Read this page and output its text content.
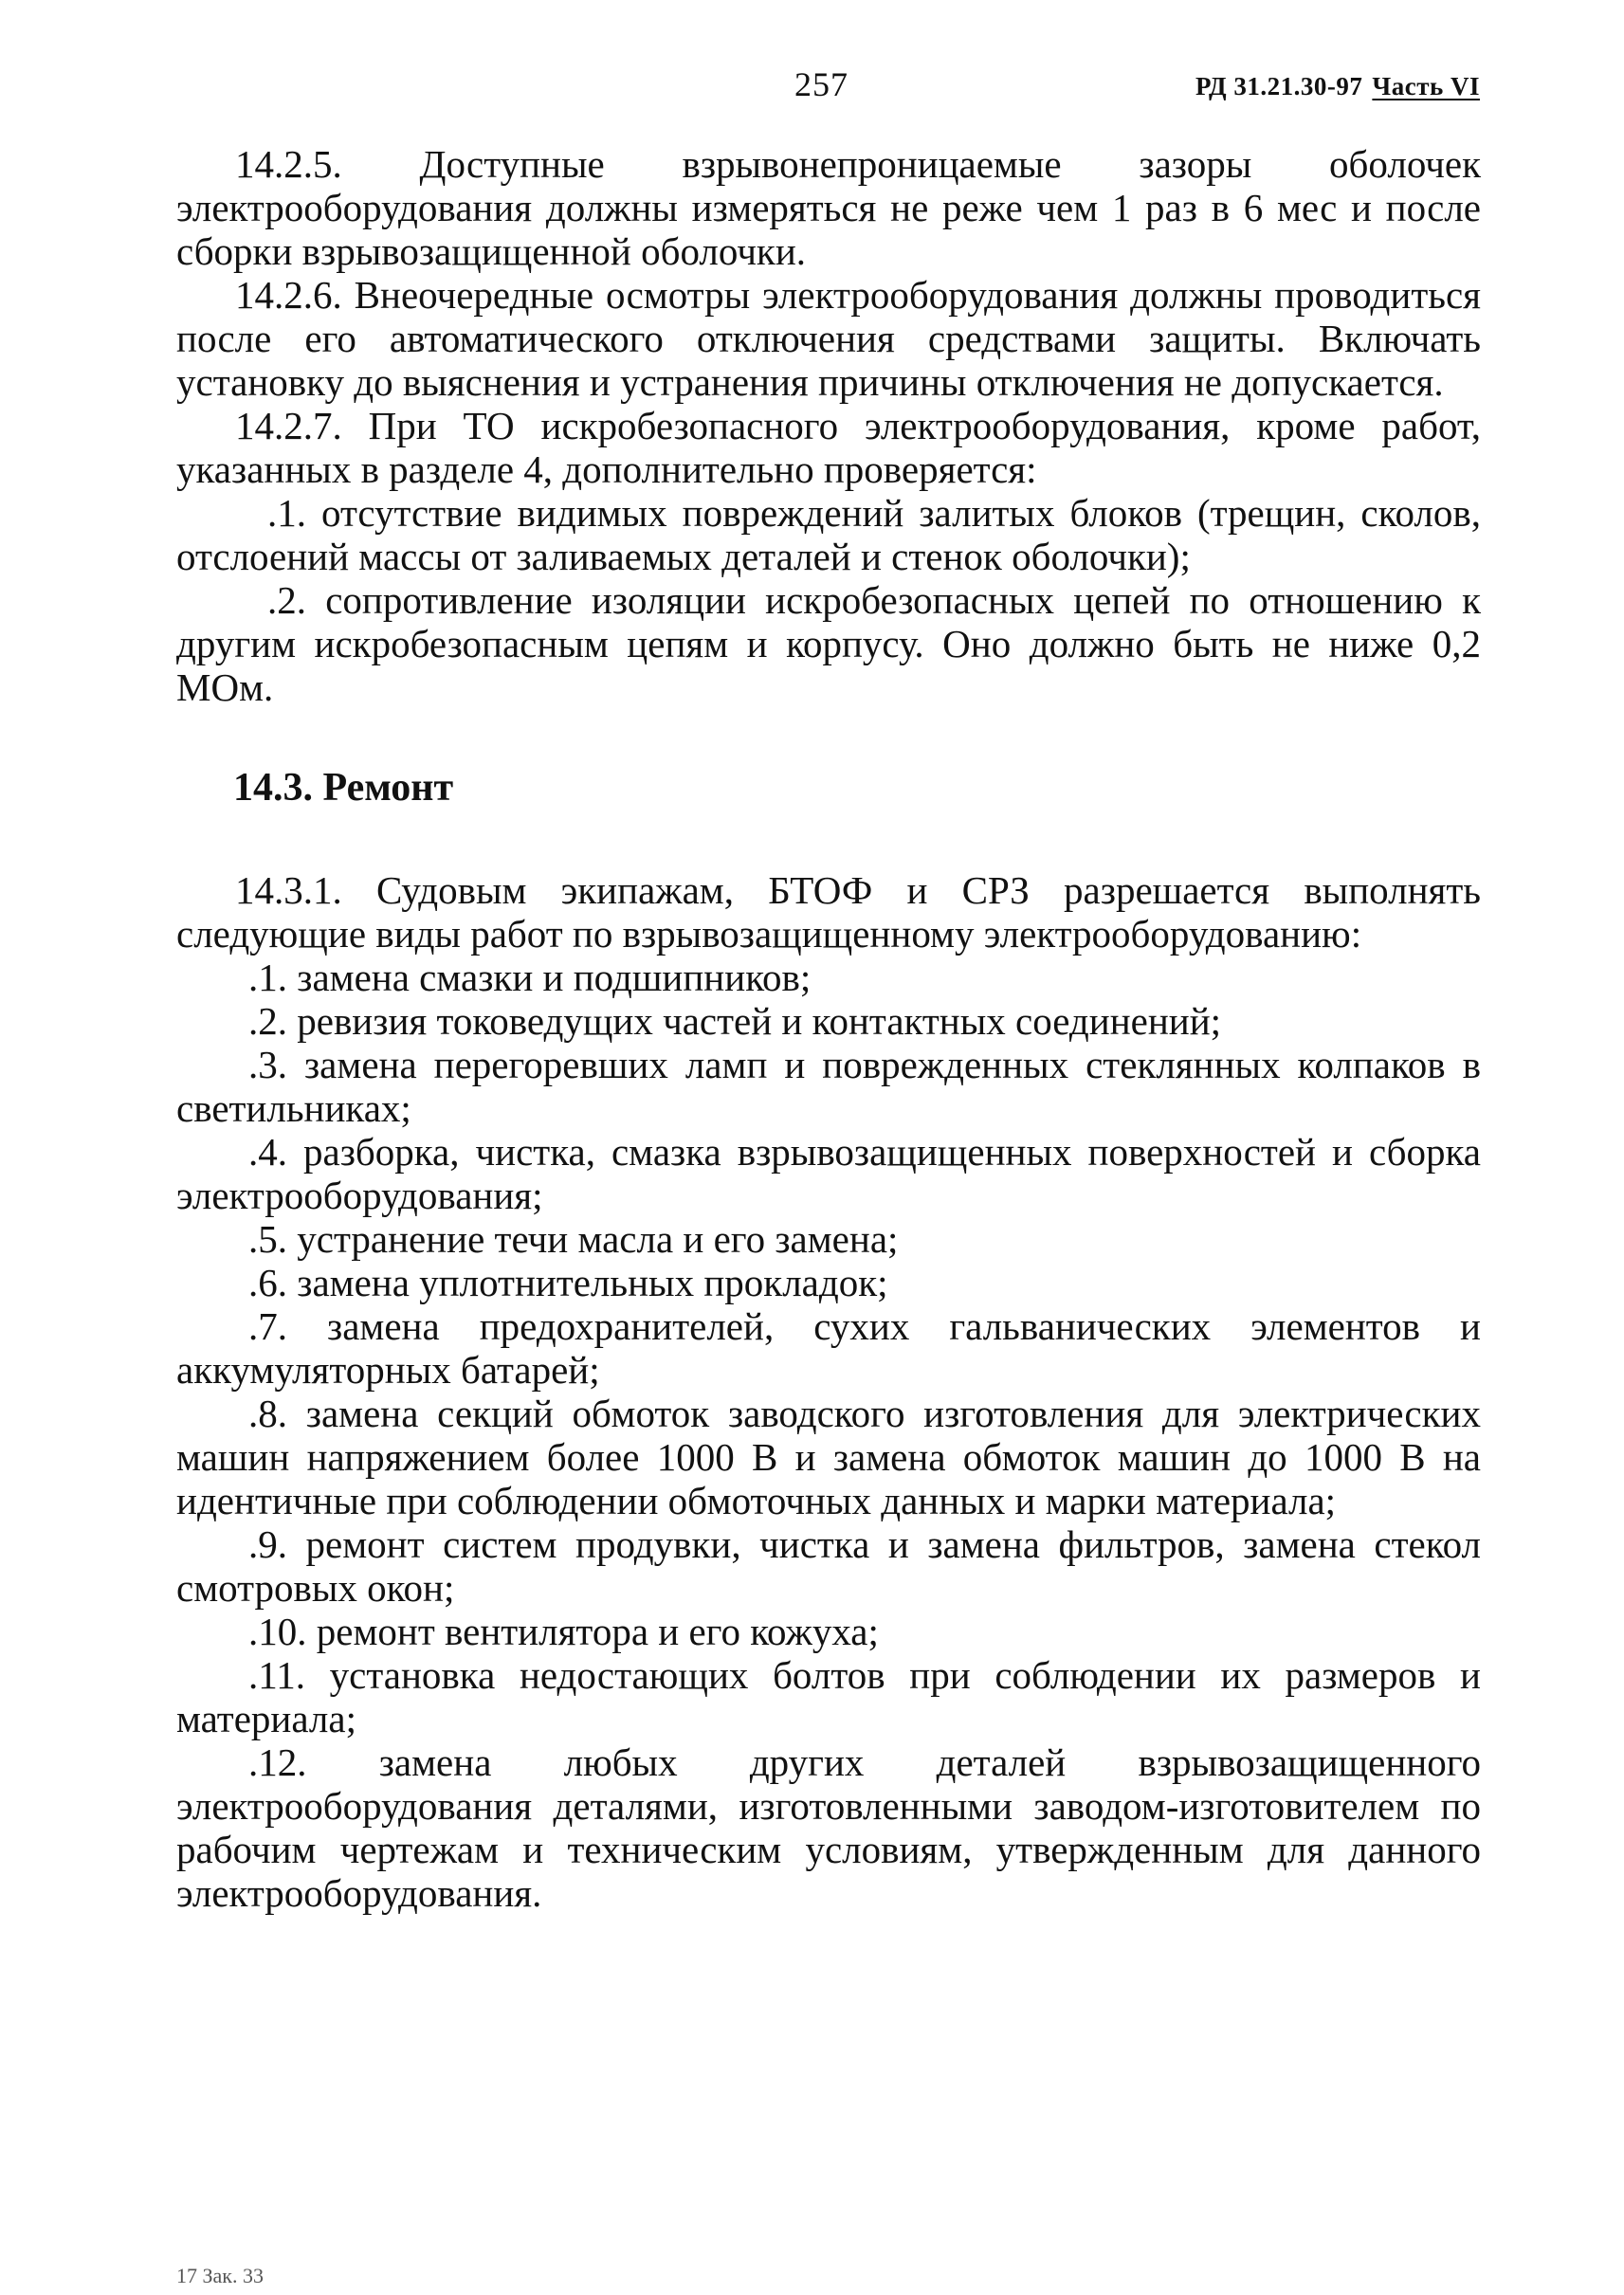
257	РД 31.21.30-97 Часть VI

14.2.5. Доступные взрывонепроницаемые зазоры оболочек электрооборудования должны измеряться не реже чем 1 раз в 6 мес и после сборки взрывозащищенной оболочки.

14.2.6. Внеочередные осмотры электрооборудования должны проводиться после его автоматического отключения средствами защиты. Включать установку до выяснения и устранения причины отключения не допускается.

14.2.7. При ТО искробезопасного электрооборудования, кроме работ, указанных в разделе 4, дополнительно проверяется:

.1. отсутствие видимых повреждений залитых блоков (трещин, сколов, отслоений массы от заливаемых деталей и стенок оболочки);

.2. сопротивление изоляции искробезопасных цепей по отношению к другим искробезопасным цепям и корпусу. Оно должно быть не ниже 0,2 МОм.

14.3. Ремонт

14.3.1. Судовым экипажам, БТОФ и СРЗ разрешается выполнять следующие виды работ по взрывозащищенному электрооборудованию:

.1. замена смазки и подшипников;

.2. ревизия токоведущих частей и контактных соединений;

.3. замена перегоревших ламп и поврежденных стеклянных колпаков в светильниках;

.4. разборка, чистка, смазка взрывозащищенных поверхностей и сборка электрооборудования;

.5. устранение течи масла и его замена;

.6. замена уплотнительных прокладок;

.7. замена предохранителей, сухих гальванических элементов и аккумуляторных батарей;

.8. замена секций обмоток заводского изготовления для электрических машин напряжением более 1000 В и замена обмоток машин до 1000 В на идентичные при соблюдении обмоточных данных и марки материала;

.9. ремонт систем продувки, чистка и замена фильтров, замена стекол смотровых окон;

.10. ремонт вентилятора и его кожуха;

.11. установка недостающих болтов при соблюдении их размеров и материала;

.12. замена любых других деталей взрывозащищенного электрооборудования деталями, изготовленными заводом-изготовителем по рабочим чертежам и техническим условиям, утвержденным для данного электрооборудования.

17 Зак. 33
